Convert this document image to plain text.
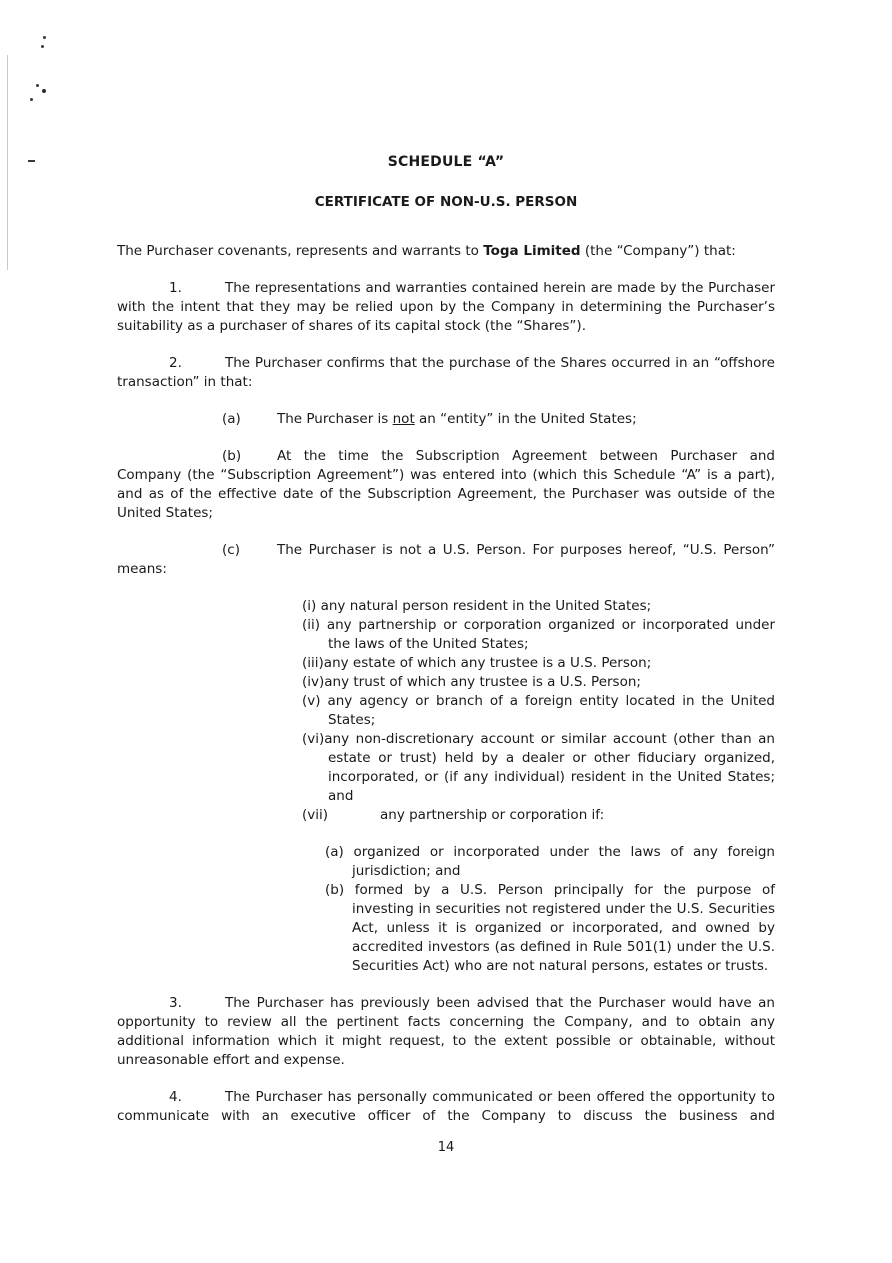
SCHEDULE “A”
CERTIFICATE OF NON-U.S. PERSON

The Purchaser covenants, represents and warrants to Toga Limited (the “Company”) that:

1.	The representations and warranties contained herein are made by the Purchaser with the intent that they may be relied upon by the Company in determining the Purchaser’s suitability as a purchaser of shares of its capital stock (the “Shares”).

2.	The Purchaser confirms that the purchase of the Shares occurred in an “offshore transaction” in that:

(a)	The Purchaser is not an “entity” in the United States;

(b)	At the time the Subscription Agreement between Purchaser and Company (the “Subscription Agreement”) was entered into (which this Schedule “A” is a part), and as of the effective date of the Subscription Agreement, the Purchaser was outside of the United States;

(c)	The Purchaser is not a U.S. Person. For purposes hereof, “U.S. Person” means:

(i) any natural person resident in the United States;
(ii) any partnership or corporation organized or incorporated under the laws of the United States;
(iii)any estate of which any trustee is a U.S. Person;
(iv)any trust of which any trustee is a U.S. Person;
(v) any agency or branch of a foreign entity located in the United States;
(vi)any non-discretionary account or similar account (other than an estate or trust) held by a dealer or other fiduciary organized, incorporated, or (if any individual) resident in the United States; and
(vii)	any partnership or corporation if:
(a) organized or incorporated under the laws of any foreign jurisdiction; and
(b) formed by a U.S. Person principally for the purpose of investing in securities not registered under the U.S. Securities Act, unless it is organized or incorporated, and owned by accredited investors (as defined in Rule 501(1) under the U.S. Securities Act) who are not natural persons, estates or trusts.

3.	The Purchaser has previously been advised that the Purchaser would have an opportunity to review all the pertinent facts concerning the Company, and to obtain any additional information which it might request, to the extent possible or obtainable, without unreasonable effort and expense.

4.	The Purchaser has personally communicated or been offered the opportunity to communicate with an executive officer of the Company to discuss the business and

14
